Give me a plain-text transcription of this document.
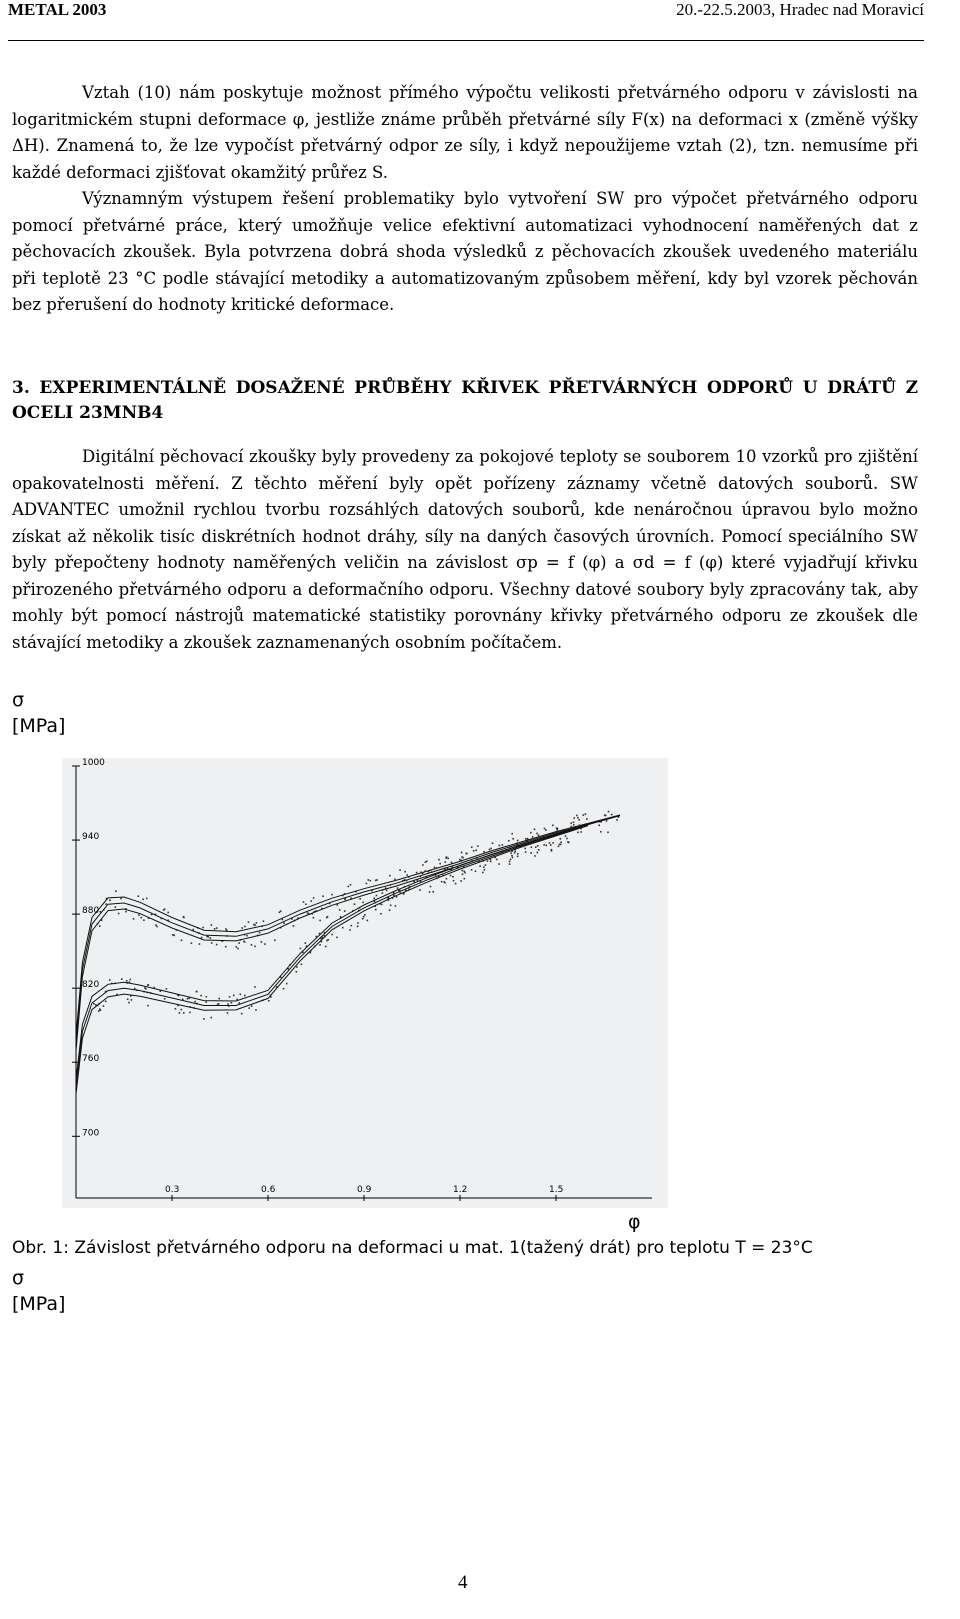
METAL 2003	20.-22.5.2003, Hradec nad Moravicí

Vztah (10) nám poskytuje možnost přímého výpočtu velikosti přetvárného odporu v závislosti na logaritmickém stupni deformace φ, jestliže známe průběh přetvárné síly F(x) na deformaci x (změně výšky ΔH). Znamená to, že lze vypočíst přetvárný odpor ze síly, i když nepoužijeme vztah (2), tzn. nemusíme při každé deformaci zjišťovat okamžitý průřez S.

Významným výstupem řešení problematiky bylo vytvoření SW pro výpočet přetvárného odporu pomocí přetvárné práce, který umožňuje velice efektivní automatizaci vyhodnocení naměřených dat z pěchovacích zkoušek. Byla potvrzena dobrá shoda výsledků z pěchovacích zkoušek uvedeného materiálu při teplotě 23 °C podle stávající metodiky a automatizovaným způsobem měření, kdy byl vzorek pěchován bez přerušení do hodnoty kritické deformace.

3. EXPERIMENTÁLNĚ DOSAŽENÉ PRŮBĚHY KŘIVEK PŘETVÁRNÝCH ODPORŮ U DRÁTŮ Z OCELI 23MNB4

Digitální pěchovací zkoušky byly provedeny za pokojové teploty se souborem 10 vzorků pro zjištění opakovatelnosti měření. Z těchto měření byly opět pořízeny záznamy včetně datových souborů. SW ADVANTEC umožnil rychlou tvorbu rozsáhlých datových souborů, kde nenáročnou úpravou bylo možno získat až několik tisíc diskrétních hodnot dráhy, síly na daných časových úrovních. Pomocí speciálního SW byly přepočteny hodnoty naměřených veličin na závislost σp = f (φ) a σd = f (φ) které vyjadřují křivku přirozeného přetvárného odporu a deformačního odporu. Všechny datové soubory byly zpracovány tak, aby mohly být pomocí nástrojů matematické statistiky porovnány křivky přetvárného odporu ze zkoušek dle stávající metodiky a zkoušek zaznamenaných osobním počítačem.

σ
[MPa]
1000
940
880
820
760
700
0.3	0.6	0.9	1.2	1.5
φ
Obr. 1: Závislost přetvárného odporu na deformaci u mat. 1(tažený drát) pro teplotu T = 23°C
σ
[MPa]
4
